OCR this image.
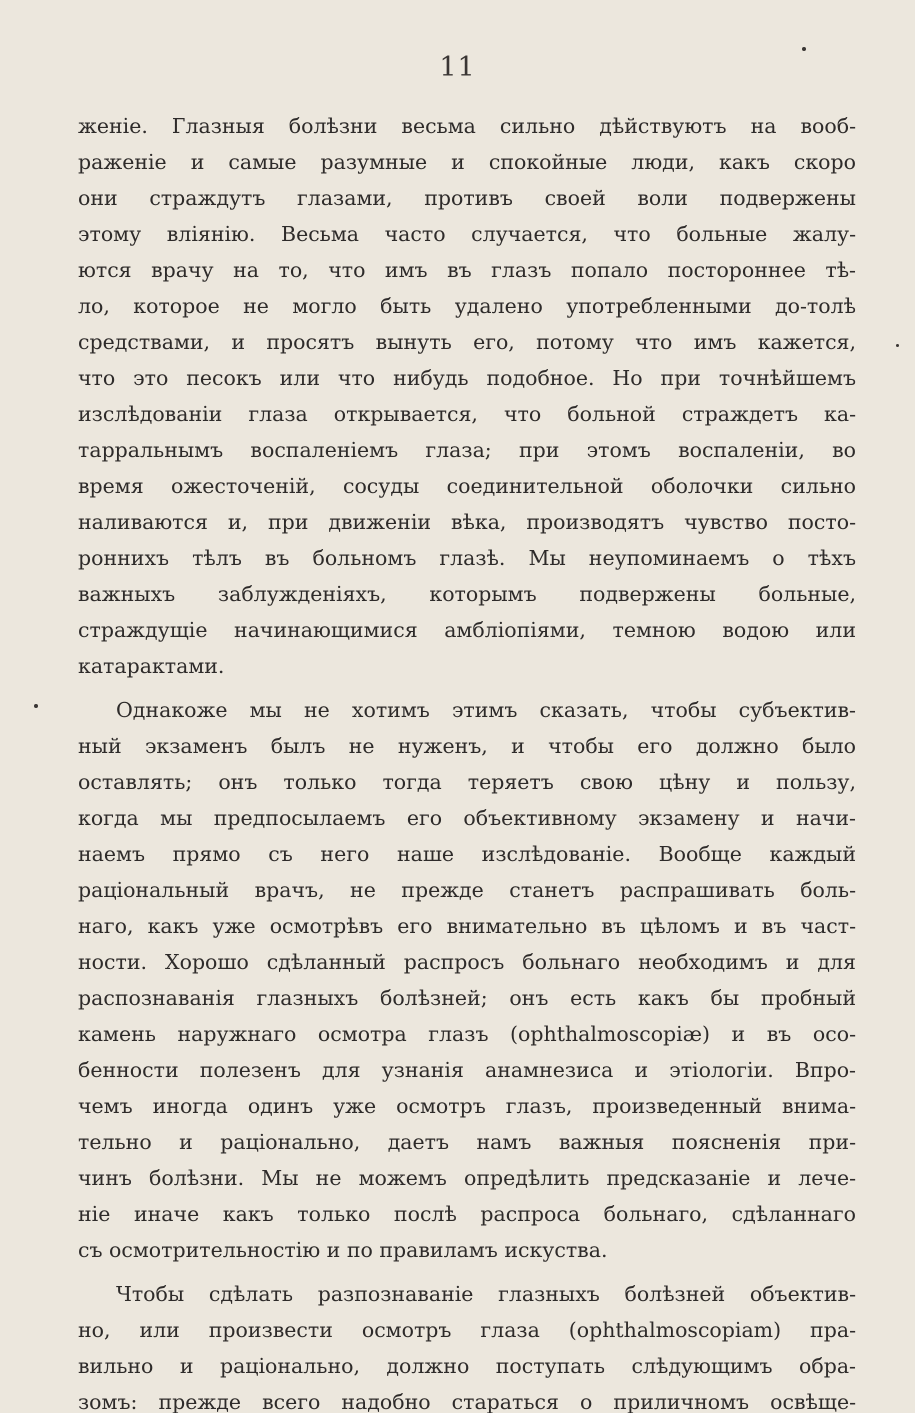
11
женіе. Глазныя болѣзни весьма сильно дѣйствуютъ на вооб-
раженіе и самые разумные и спокойные люди, какъ скоро
они страждутъ глазами, противъ своей воли подвержены
этому вліянію. Весьма часто случается, что больные жалу-
ются врачу на то, что имъ въ глазъ попало постороннее тѣ-
ло, которое не могло быть удалено употребленными до-толѣ
средствами, и просятъ вынуть его, потому что имъ кажется,
что это песокъ или что нибудь подобное. Но при точнѣйшемъ
изслѣдованіи глаза открывается, что больной страждетъ ка-
тарральнымъ воспаленіемъ глаза; при этомъ воспаленіи, во
время ожесточеній, сосуды соединительной оболочки сильно
наливаются и, при движеніи вѣка, производятъ чувство посто-
роннихъ тѣлъ въ больномъ глазѣ. Мы неупоминаемъ о тѣхъ
важныхъ заблужденіяхъ, которымъ подвержены больные,
страждущіе начинающимися амбліопіями, темною водою или
катарактами.
Однакоже мы не хотимъ этимъ сказать, чтобы субъектив-
ный экзаменъ былъ не нуженъ, и чтобы его должно было
оставлять; онъ только тогда теряетъ свою цѣну и пользу,
когда мы предпосылаемъ его объективному экзамену и начи-
наемъ прямо съ него наше изслѣдованіе. Вообще каждый
раціональный врачъ, не прежде станетъ распрашивать боль-
наго, какъ уже осмотрѣвъ его внимательно въ цѣломъ и въ част-
ности. Хорошо сдѣланный распросъ больнаго необходимъ и для
распознаванія глазныхъ болѣзней; онъ есть какъ бы пробный
камень наружнаго осмотра глазъ (ophthalmoscopiæ) и въ осо-
бенности полезенъ для узнанія анамнезиса и этіологіи. Впро-
чемъ иногда одинъ уже осмотръ глазъ, произведенный внима-
тельно и раціонально, даетъ намъ важныя поясненія при-
чинъ болѣзни. Мы не можемъ опредѣлить предсказаніе и лече-
ніе иначе какъ только послѣ распроса больнаго, сдѣланнаго
съ осмотрительностію и по правиламъ искуства.
Чтобы сдѣлать разпознаваніе глазныхъ болѣзней объектив-
но, или произвести осмотръ глаза (ophthalmoscopiam) пра-
вильно и раціонально, должно поступать слѣдующимъ обра-
зомъ: прежде всего надобно стараться о приличномъ освѣще-
